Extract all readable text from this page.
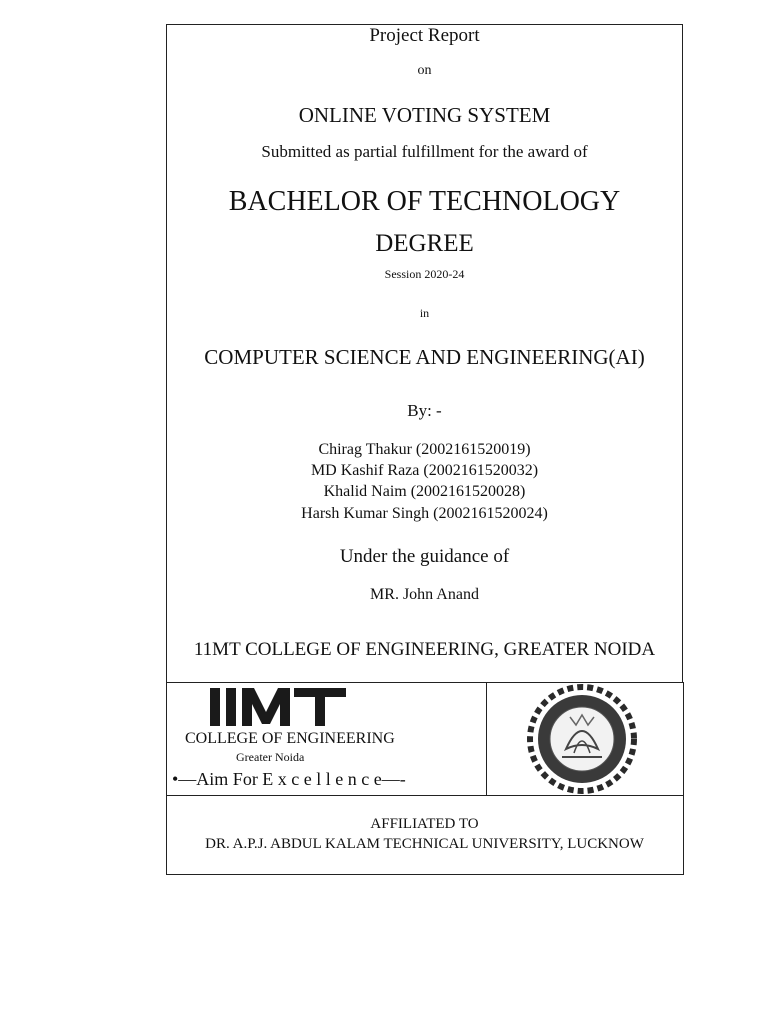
Project Report
on
ONLINE VOTING SYSTEM
Submitted as partial fulfillment for the award of
BACHELOR OF TECHNOLOGY
DEGREE
Session 2020-24
in
COMPUTER SCIENCE AND ENGINEERING(AI)
By: -
Chirag Thakur (2002161520019)
MD Kashif Raza (2002161520032)
Khalid Naim (2002161520028)
Harsh Kumar Singh (2002161520024)
Under the guidance of
MR. John Anand
11MT COLLEGE OF ENGINEERING, GREATER NOIDA
IIMT
COLLEGE OF ENGINEERING
Greater Noida
•—Aim For E x c e l l e n c e—-
AFFILIATED TO
DR. A.P.J. ABDUL KALAM TECHNICAL UNIVERSITY, LUCKNOW
